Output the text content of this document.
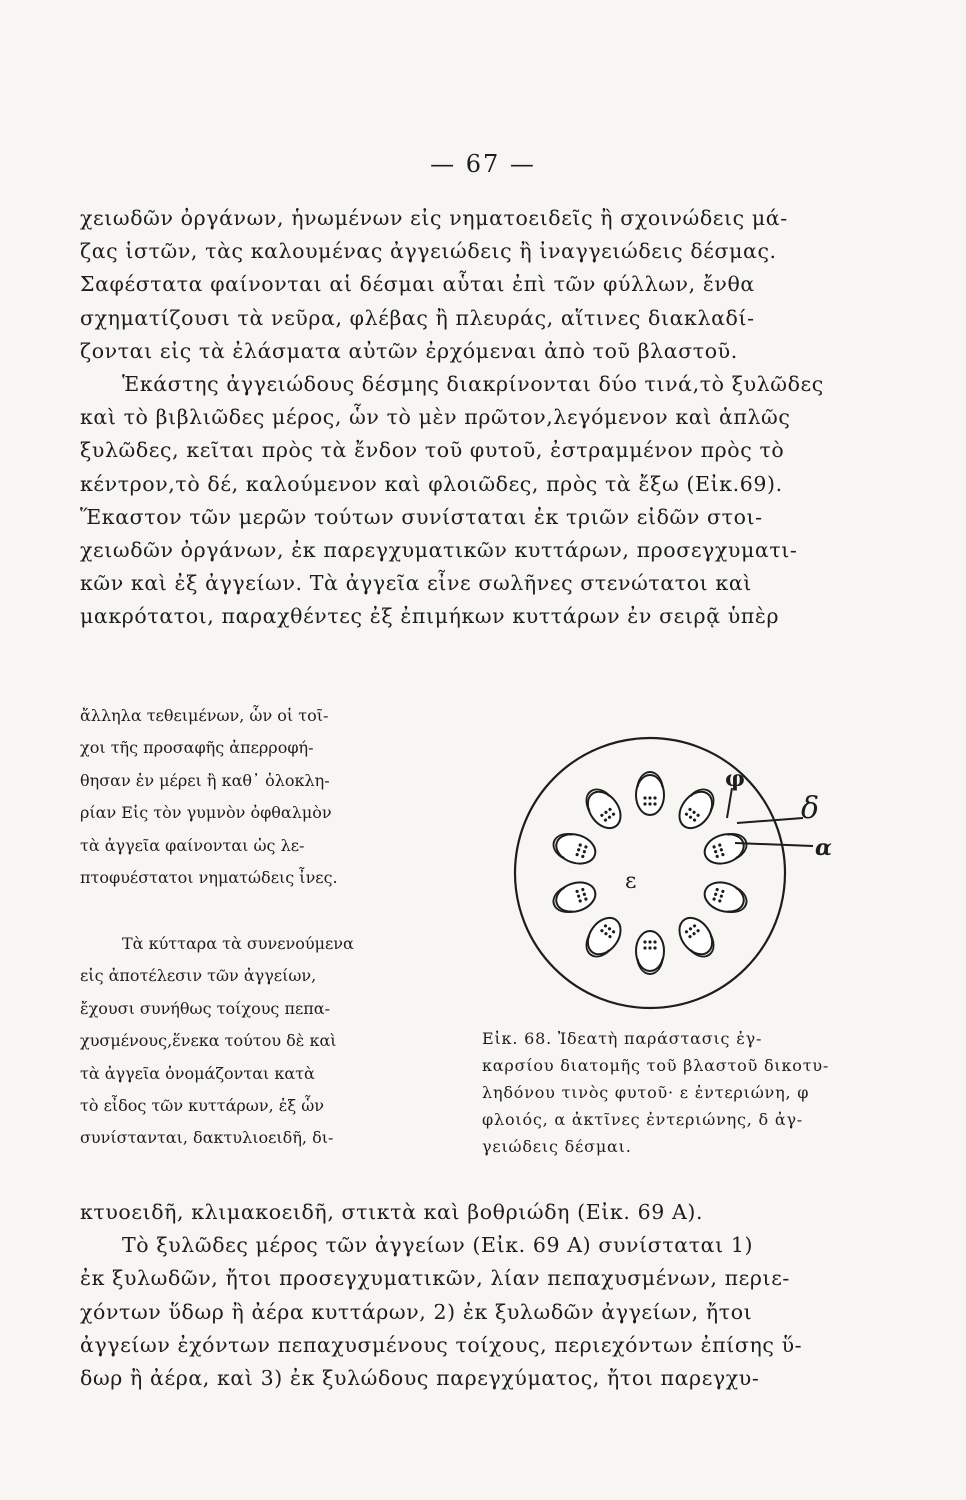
— 67 —

χειωδῶν ὀργάνων, ἡνωμένων εἰς νηματοειδεῖς ἢ σχοινώδεις μά-
ζας ἱστῶν, τὰς καλουμένας ἀγγειώδεις ἢ ἰναγγειώδεις δέσμας.
Σαφέστατα φαίνονται αἱ δέσμαι αὗται ἐπὶ τῶν φύλλων, ἔνθα
σχηματίζουσι τὰ νεῦρα, φλέβας ἢ πλευράς, αἵτινες διακλαδί-
ζονται εἰς τὰ ἐλάσματα αὐτῶν ἐρχόμεναι ἀπὸ τοῦ βλαστοῦ.

Ἑκάστης ἀγγειώδους δέσμης διακρίνονται δύο τινά,τὸ ξυλῶδες
καὶ τὸ βιβλιῶδες μέρος, ὧν τὸ μὲν πρῶτον,λεγόμενον καὶ ἁπλῶς
ξυλῶδες, κεῖται πρὸς τὰ ἔνδον τοῦ φυτοῦ, ἐστραμμένον πρὸς τὸ
κέντρον,τὸ δέ, καλούμενον καὶ φλοιῶδες, πρὸς τὰ ἔξω (Εἰκ.69).
Ἕκαστον τῶν μερῶν τούτων συνίσταται ἐκ τριῶν εἰδῶν στοι-
χειωδῶν ὀργάνων, ἐκ παρεγχυματικῶν κυττάρων, προσεγχυματι-
κῶν καὶ ἐξ ἀγγείων. Τὰ ἀγγεῖα εἶνε σωλῆνες στενώτατοι καὶ
μακρότατοι, παραχθέντες ἐξ ἐπιμήκων κυττάρων ἐν σειρᾷ ὑπὲρ

ἄλληλα τεθειμένων, ὧν οἱ τοῖ-
χοι τῆς προσαφῆς ἀπερροφή-
θησαν ἐν μέρει ἢ καθ᾿ ὁλοκλη-
ρίαν Εἰς τὸν γυμνὸν ὀφθαλμὸν
τὰ ἀγγεῖα φαίνονται ὡς λε-
πτοφυέστατοι νηματώδεις ἶνες.
Τὰ κύτταρα τὰ συνενούμενα
εἰς ἀποτέλεσιν τῶν ἀγγείων,
ἔχουσι συνήθως τοίχους πεπα-
χυσμένους,ἕνεκα τούτου δὲ καὶ
τὰ ἀγγεῖα ὀνομάζονται κατὰ
τὸ εἶδος τῶν κυττάρων, ἐξ ὧν
συνίστανται, δακτυλιοειδῆ, δι-
ε
φ
δ
α

Εἰκ. 68. Ἰδεατὴ παράστασις ἐγ-
καρσίου διατομῆς τοῦ βλαστοῦ δικοτυ-
ληδόνου τινὸς φυτοῦ· ε ἐντεριώνη, φ
φλοιός, α ἀκτῖνες ἐντεριώνης, δ ἀγ-
γειώδεις δέσμαι.

κτυοειδῆ, κλιμακοειδῆ, στικτὰ καὶ βοθριώδη (Εἰκ. 69 Α).
Τὸ ξυλῶδες μέρος τῶν ἀγγείων (Εἰκ. 69 Α) συνίσταται 1)
ἐκ ξυλωδῶν, ἤτοι προσεγχυματικῶν, λίαν πεπαχυσμένων, περιε-
χόντων ὕδωρ ἢ ἀέρα κυττάρων, 2) ἐκ ξυλωδῶν ἀγγείων, ἤτοι
ἀγγείων ἐχόντων πεπαχυσμένους τοίχους, περιεχόντων ἐπίσης ὕ-
δωρ ἢ ἀέρα, καὶ 3) ἐκ ξυλώδους παρεγχύματος, ἤτοι παρεγχυ-
